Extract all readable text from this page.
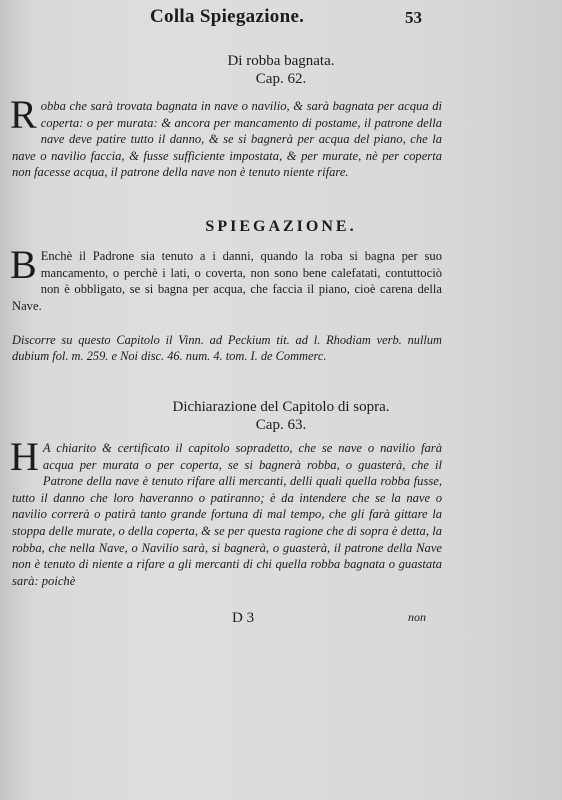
Colla Spiegazione.	53
Di robba bagnata.
Cap. 62.
Robba che sarà trovata bagnata in nave o navilio, & sarà bagnata per acqua di coperta: o per murata: & ancora per mancamento di postame, il patrone della nave deve patire tutto il danno, & se si bagnerà per acqua del piano, che la nave o navilio faccia, & fusse sufficiente impostata, & per murate, nè per coperta non facesse acqua, il patrone della nave non è tenuto niente rifare.
SPIEGAZIONE.
B Enchè il Padrone sia tenuto a i danni, quando la roba si bagna per suo mancamento, o perchè i lati, o coverta, non sono bene calefatati, contuttociò non è obbligato, se si bagna per acqua, che faccia il piano, cioè carena della Nave.
Discorre su questo Capitolo il Vinn. ad Peckium tit. ad l. Rhodiam verb. nullum dubium fol. m. 259. e Noi disc. 46. num. 4. tom. I. de Commerc.
Dichiarazione del Capitolo di sopra.
Cap. 63.
H A chiarito & certificato il capitolo sopradetto, che se nave o navilio farà acqua per murata o per coperta, se si bagnerà robba, o guasterà, che il Patrone della nave è tenuto rifare alli mercanti, delli quali quella robba fusse, tutto il danno che loro haveranno o patiranno; è da intendere che se la nave o navilio correrà o patirà tanto grande fortuna di mal tempo, che gli farà gittare la stoppa delle murate, o della coperta, & se per questa ragione che di sopra è detta, la robba, che nella Nave, o Navilio sarà, si bagnerà, o guasterà, il patrone della Nave non è tenuto di niente a rifare a gli mercanti di chi quella robba bagnata o guastata sarà: poichè
D 3	non
